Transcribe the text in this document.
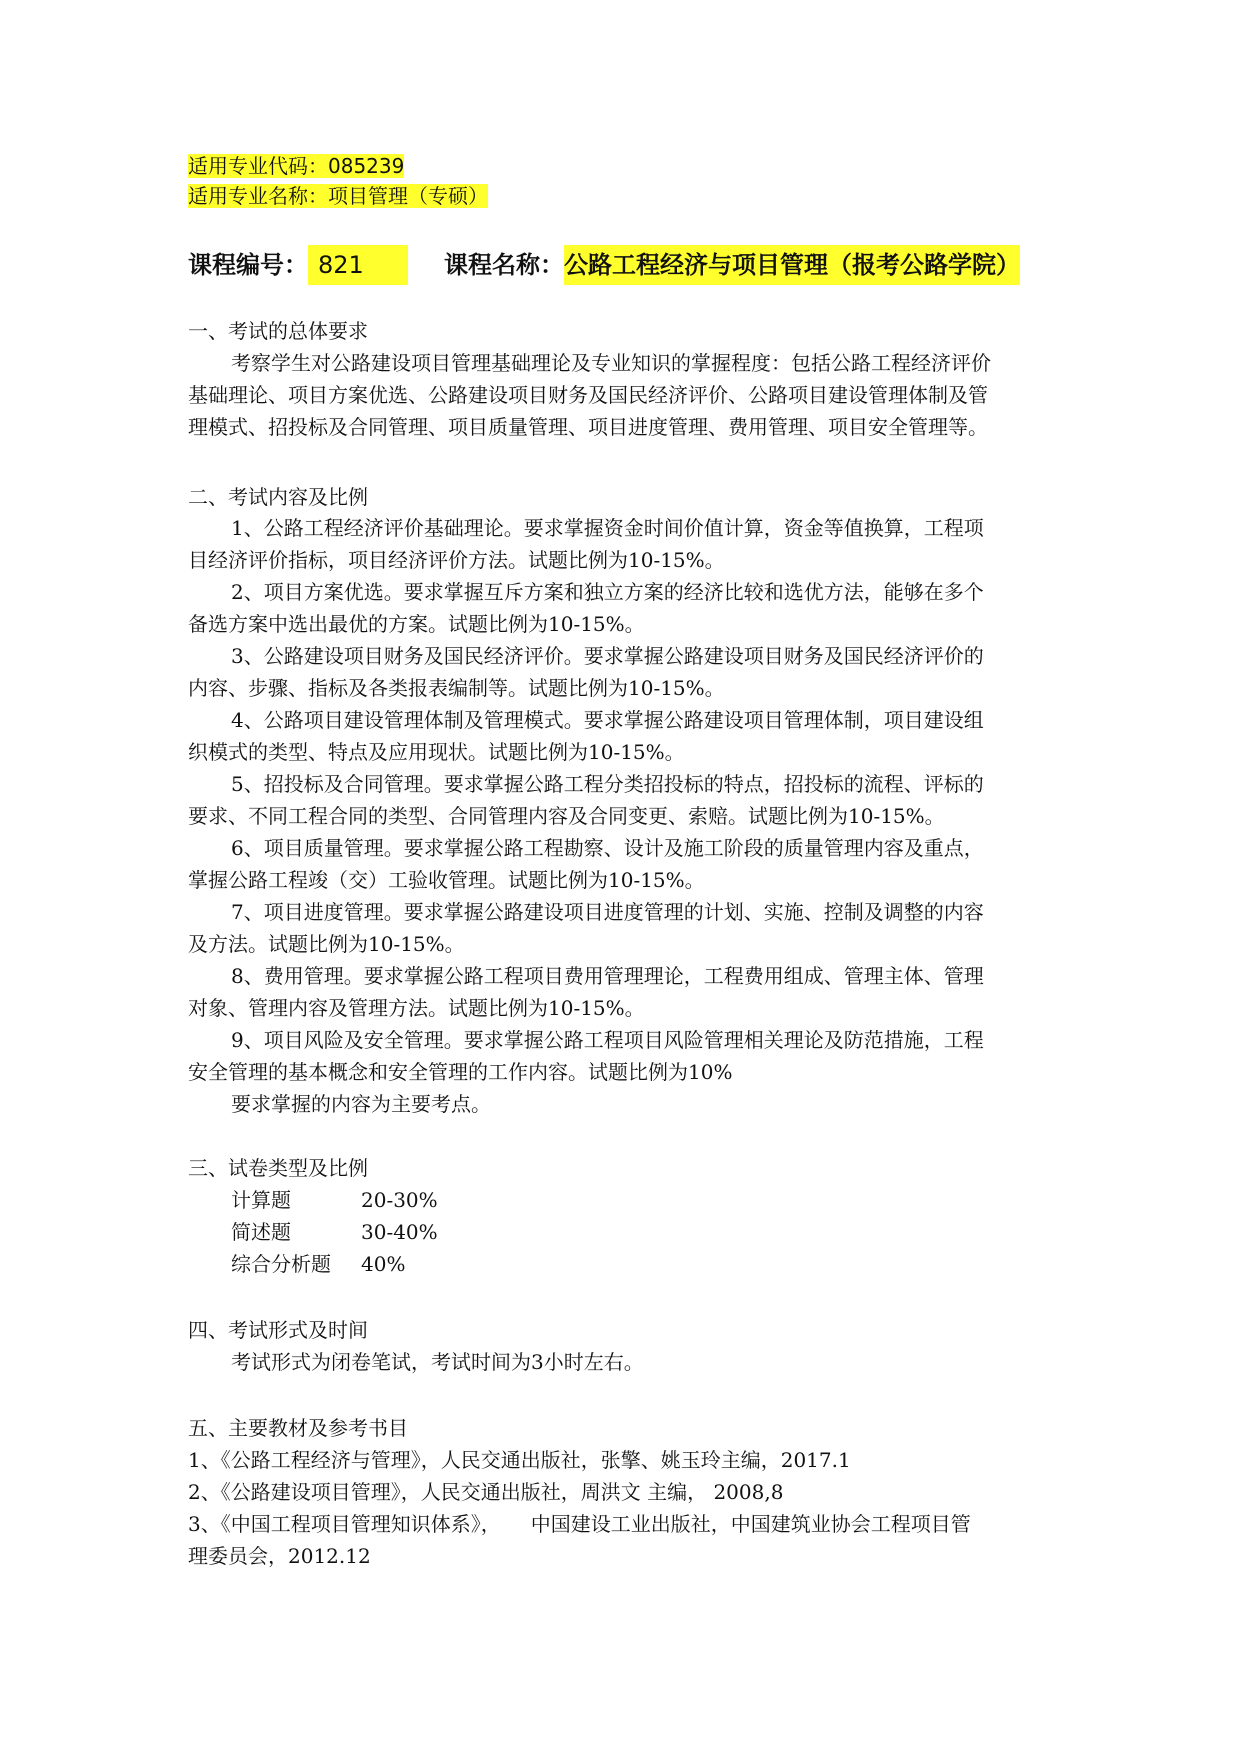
适用专业代码：085239
适用专业名称：项目管理（专硕）
课程编号： 821	课程名称：公路工程经济与项目管理（报考公路学院）
一、考试的总体要求
考察学生对公路建设项目管理基础理论及专业知识的掌握程度：包括公路工程经济评价
基础理论、项目方案优选、公路建设项目财务及国民经济评价、公路项目建设管理体制及管
理模式、招投标及合同管理、项目质量管理、项目进度管理、费用管理、项目安全管理等。
二、考试内容及比例
1、公路工程经济评价基础理论。要求掌握资金时间价值计算，资金等值换算，工程项
目经济评价指标，项目经济评价方法。试题比例为10-15%。
2、项目方案优选。要求掌握互斥方案和独立方案的经济比较和选优方法，能够在多个
备选方案中选出最优的方案。试题比例为10-15%。
3、公路建设项目财务及国民经济评价。要求掌握公路建设项目财务及国民经济评价的
内容、步骤、指标及各类报表编制等。试题比例为10-15%。
4、公路项目建设管理体制及管理模式。要求掌握公路建设项目管理体制，项目建设组
织模式的类型、特点及应用现状。试题比例为10-15%。
5、招投标及合同管理。要求掌握公路工程分类招投标的特点，招投标的流程、评标的
要求、不同工程合同的类型、合同管理内容及合同变更、索赔。试题比例为10-15%。
6、项目质量管理。要求掌握公路工程勘察、设计及施工阶段的质量管理内容及重点，
掌握公路工程竣（交）工验收管理。试题比例为10-15%。
7、项目进度管理。要求掌握公路建设项目进度管理的计划、实施、控制及调整的内容
及方法。试题比例为10-15%。
8、费用管理。要求掌握公路工程项目费用管理理论，工程费用组成、管理主体、管理
对象、管理内容及管理方法。试题比例为10-15%。
9、项目风险及安全管理。要求掌握公路工程项目风险管理相关理论及防范措施，工程
安全管理的基本概念和安全管理的工作内容。试题比例为10%
要求掌握的内容为主要考点。
三、试卷类型及比例
计算题	20-30%
简述题	30-40%
综合分析题 40%
四、考试形式及时间
考试形式为闭卷笔试，考试时间为3小时左右。
五、主要教材及参考书目
1、《公路工程经济与管理》，人民交通出版社，张擎、姚玉玲主编，2017.1
2、《公路建设项目管理》，人民交通出版社，周洪文 主编， 2008,8
3、《中国工程项目管理知识体系》，　　中国建设工业出版社，中国建筑业协会工程项目管
理委员会，2012.12
